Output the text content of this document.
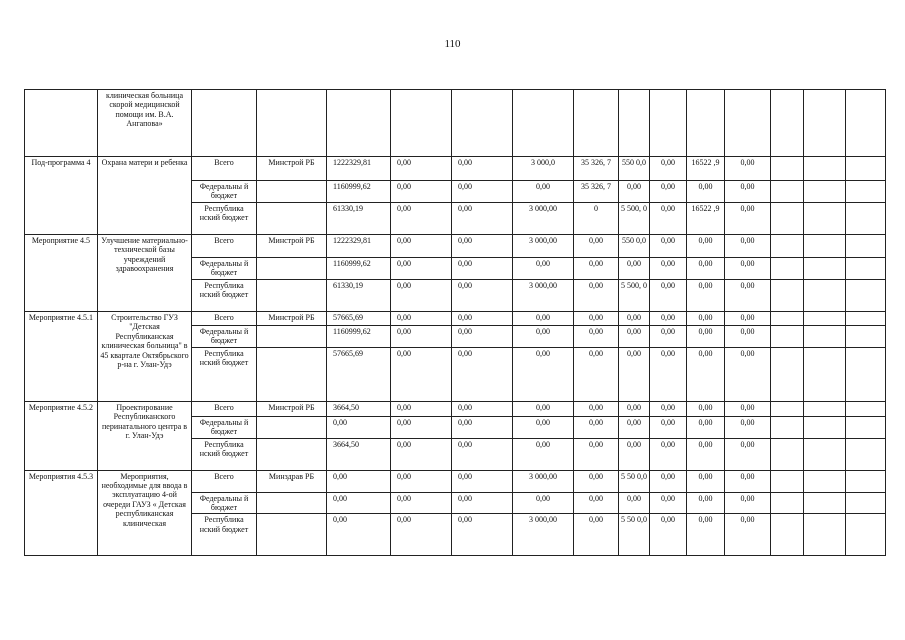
110
	клиническая больница скорой медицинской помощи им. В.А. Ангапова»														
Под-программа 4	Охрана матери и ребенка	Всего	Минстрой РБ	1222329,81	0,00	0,00	3 000,0	35 326, 7	550 0,0	0,00	16522 ,9	0,00			
		Федеральны й бюджет		1160999,62	0,00	0,00	0,00	35 326, 7	0,00	0,00	0,00	0,00			
		Республика нский бюджет		61330,19	0,00	0,00	3 000,00	0	5 500, 0	0,00	16522 ,9	0,00			
Мероприятие 4.5	Улучшение материально-технической базы учреждений здравоохранения	Всего	Минстрой РБ	1222329,81	0,00	0,00	3 000,00	0,00	550 0,0	0,00	0,00	0,00			
		Федеральны й бюджет		1160999,62	0,00	0,00	0,00	0,00	0,00	0,00	0,00	0,00			
		Республика нский бюджет		61330,19	0,00	0,00	3 000,00	0,00	5 500, 0	0,00	0,00	0,00			
Мероприятие 4.5.1	Строительство ГУЗ "Детская Республиканская клиническая больница" в 45 квартале Октябрьского р-на г. Улан-Удэ	Всего	Минстрой РБ	57665,69	0,00	0,00	0,00	0,00	0,00	0,00	0,00	0,00			
		Федеральны й бюджет		1160999,62	0,00	0,00	0,00	0,00	0,00	0,00	0,00	0,00			
		Республика нский бюджет		57665,69	0,00	0,00	0,00	0,00	0,00	0,00	0,00	0,00			
Мероприятие 4.5.2	Проектирование Республиканского перинатального центра в г. Улан-Удэ	Всего	Минстрой РБ	3664,50	0,00	0,00	0,00	0,00	0,00	0,00	0,00	0,00			
		Федеральны й бюджет		0,00	0,00	0,00	0,00	0,00	0,00	0,00	0,00	0,00			
		Республика нский бюджет		3664,50	0,00	0,00	0,00	0,00	0,00	0,00	0,00	0,00			
Мероприятия 4.5.3	Мероприятия, необходимые для ввода в эксплуатацию 4-ой очереди ГАУЗ « Детская республиканская клиническая	Всего	Минздрав РБ	0,00	0,00	0,00	3 000,00	0,00	5 50 0,0	0,00	0,00	0,00			
		Федеральны й бюджет		0,00	0,00	0,00	0,00	0,00	0,00	0,00	0,00	0,00			
		Республика нский бюджет		0,00	0,00	0,00	3 000,00	0,00	5 50 0,0	0,00	0,00	0,00			
